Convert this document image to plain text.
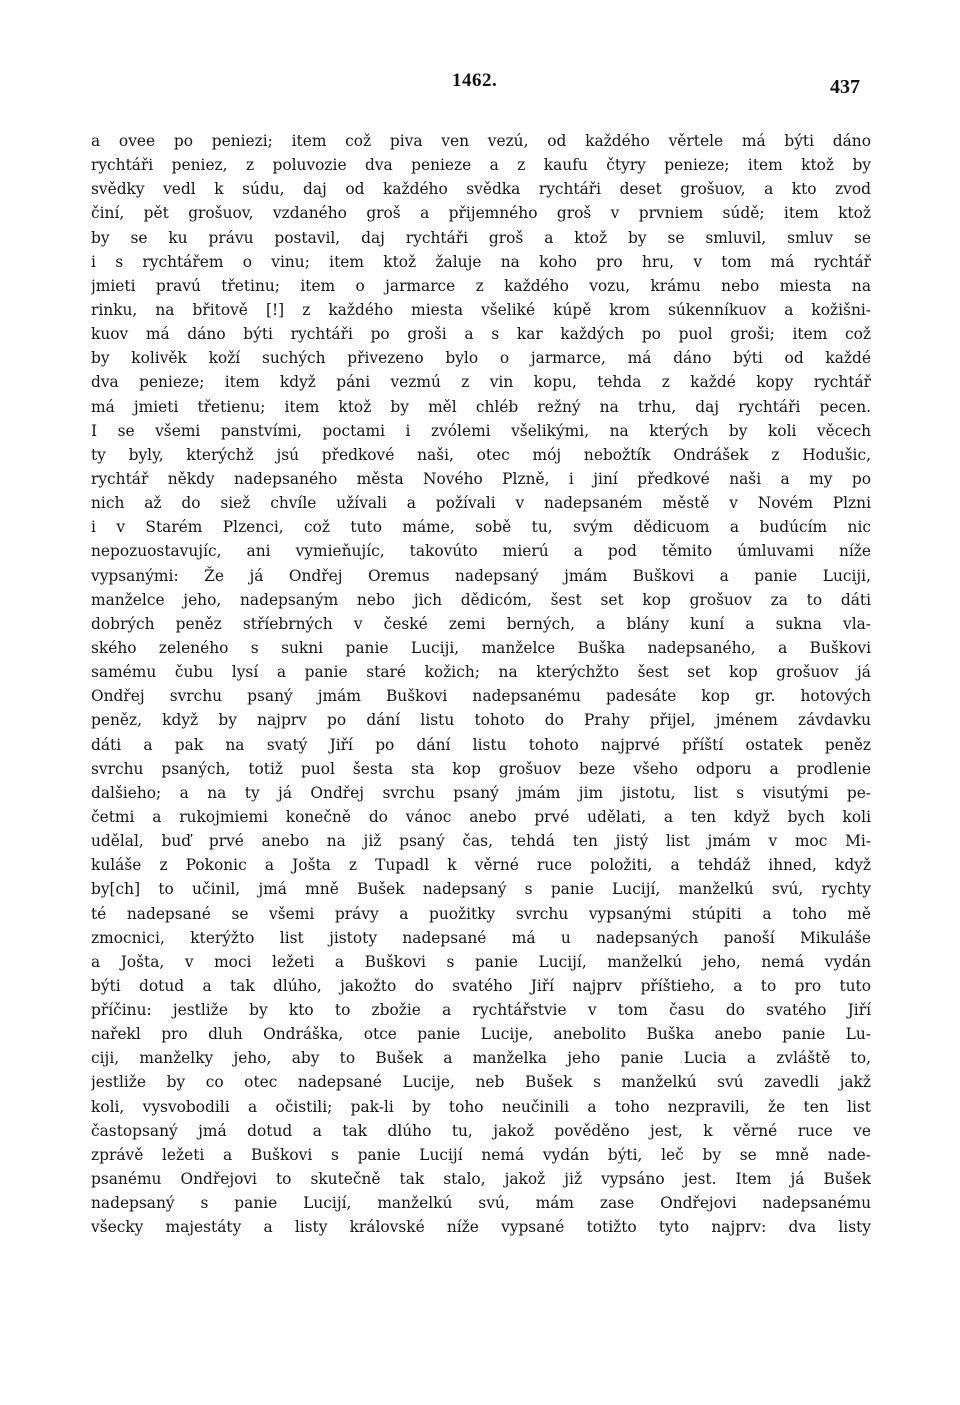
1462.	437
a ovee po peniezi; item což piva ven vezú, od každého věrtele má býti dáno
rychtáři peniez, z poluvozie dva penieze a z kaufu čtyry penieze; item ktož by
svědky vedl k súdu, daj od každého svědka rychtáři deset grošuov, a kto zvod
činí, pět grošuov, vzdaného groš a přijemného groš v prvniem súdě; item ktož
by se ku právu postavil, daj rychtáři groš a ktož by se smluvil, smluv se
i s rychtářem o vinu; item ktož žaluje na koho pro hru, v tom má rychtář
jmieti pravú třetinu; item o jarmarce z každého vozu, krámu nebo miesta na
rinku, na břitově [!] z každého miesta všeliké kúpě krom súkenníkuov a kožišni-
kuov má dáno býti rychtáři po groši a s kar každých po puol groši; item což
by kolivěk koží suchých přivezeno bylo o jarmarce, má dáno býti od každé
dva penieze; item když páni vezmú z vin kopu, tehda z každé kopy rychtář
má jmieti třetienu; item ktož by měl chléb režný na trhu, daj rychtáři pecen.
I se všemi panstvími, poctami i zvólemi všelikými, na kterých by koli věcech
ty byly, kterýchž jsú předkové naši, otec mój nebožtík Ondrášek z Hodušic,
rychtář někdy nadepsaného města Nového Plzně, i jiní předkové naši a my po
nich až do siež chvíle užívali a požívali v nadepsaném městě v Novém Plzni
i v Starém Plzenci, což tuto máme, sobě tu, svým dědicuom a budúcím nic
nepozuostavujíc, ani vymieňujíc, takovúto mierú a pod těmito úmluvami níže
vypsanými: Že já Ondřej Oremus nadepsaný jmám Buškovi a panie Luciji,
manželce jeho, nadepsaným nebo jich dědicóm, šest set kop grošuov za to dáti
dobrých peněz stříebrných v české zemi berných, a blány kuní a sukna vla-
ského zeleného s sukni panie Luciji, manželce Buška nadepsaného, a Buškovi
samému čubu lysí a panie staré kožich; na kterýchžto šest set kop grošuov já
Ondřej svrchu psaný jmám Buškovi nadepsanému padesáte kop gr. hotových
peněz, když by najprv po dání listu tohoto do Prahy přijel, jménem závdavku
dáti a pak na svatý Jiří po dání listu tohoto najprvé příští ostatek peněz
svrchu psaných, totiž puol šesta sta kop grošuov beze všeho odporu a prodlenie
dalšieho; a na ty já Ondřej svrchu psaný jmám jim jistotu, list s visutými pe-
četmi a rukojmiemi konečně do vánoc anebo prvé udělati, a ten když bych koli
udělal, buď prvé anebo na již psaný čas, tehdá ten jistý list jmám v moc Mi-
kuláše z Pokonic a Jošta z Tupadl k věrné ruce položiti, a tehdáž ihned, když
by[ch] to učinil, jmá mně Bušek nadepsaný s panie Lucijí, manželkú svú, rychty
té nadepsané se všemi právy a puožitky svrchu vypsanými stúpiti a toho mě
zmocnici, kterýžto list jistoty nadepsané má u nadepsaných panoší Mikuláše
a Jošta, v moci ležeti a Buškovi s panie Lucijí, manželkú jeho, nemá vydán
býti dotud a tak dlúho, jakožto do svatého Jiří najprv příštieho, a to pro tuto
příčinu: jestliže by kto to zbožie a rychtářstvie v tom času do svatého Jiří
nařekl pro dluh Ondráška, otce panie Lucije, anebolito Buška anebo panie Lu-
ciji, manželky jeho, aby to Bušek a manželka jeho panie Lucia a zvláště to,
jestliže by co otec nadepsané Lucije, neb Bušek s manželkú svú zavedli jakž
koli, vysvobodili a očistili; pak-li by toho neučinili a toho nezpravili, že ten list
častopsaný jmá dotud a tak dlúho tu, jakož pověděno jest, k věrné ruce ve
zprávě ležeti a Buškovi s panie Lucijí nemá vydán býti, leč by se mně nade-
psanému Ondřejovi to skutečně tak stalo, jakož již vypsáno jest. Item já Bušek
nadepsaný s panie Lucijí, manželkú svú, mám zase Ondřejovi nadepsanému
všecky majestáty a listy královské níže vypsané totižto tyto najprv: dva listy
